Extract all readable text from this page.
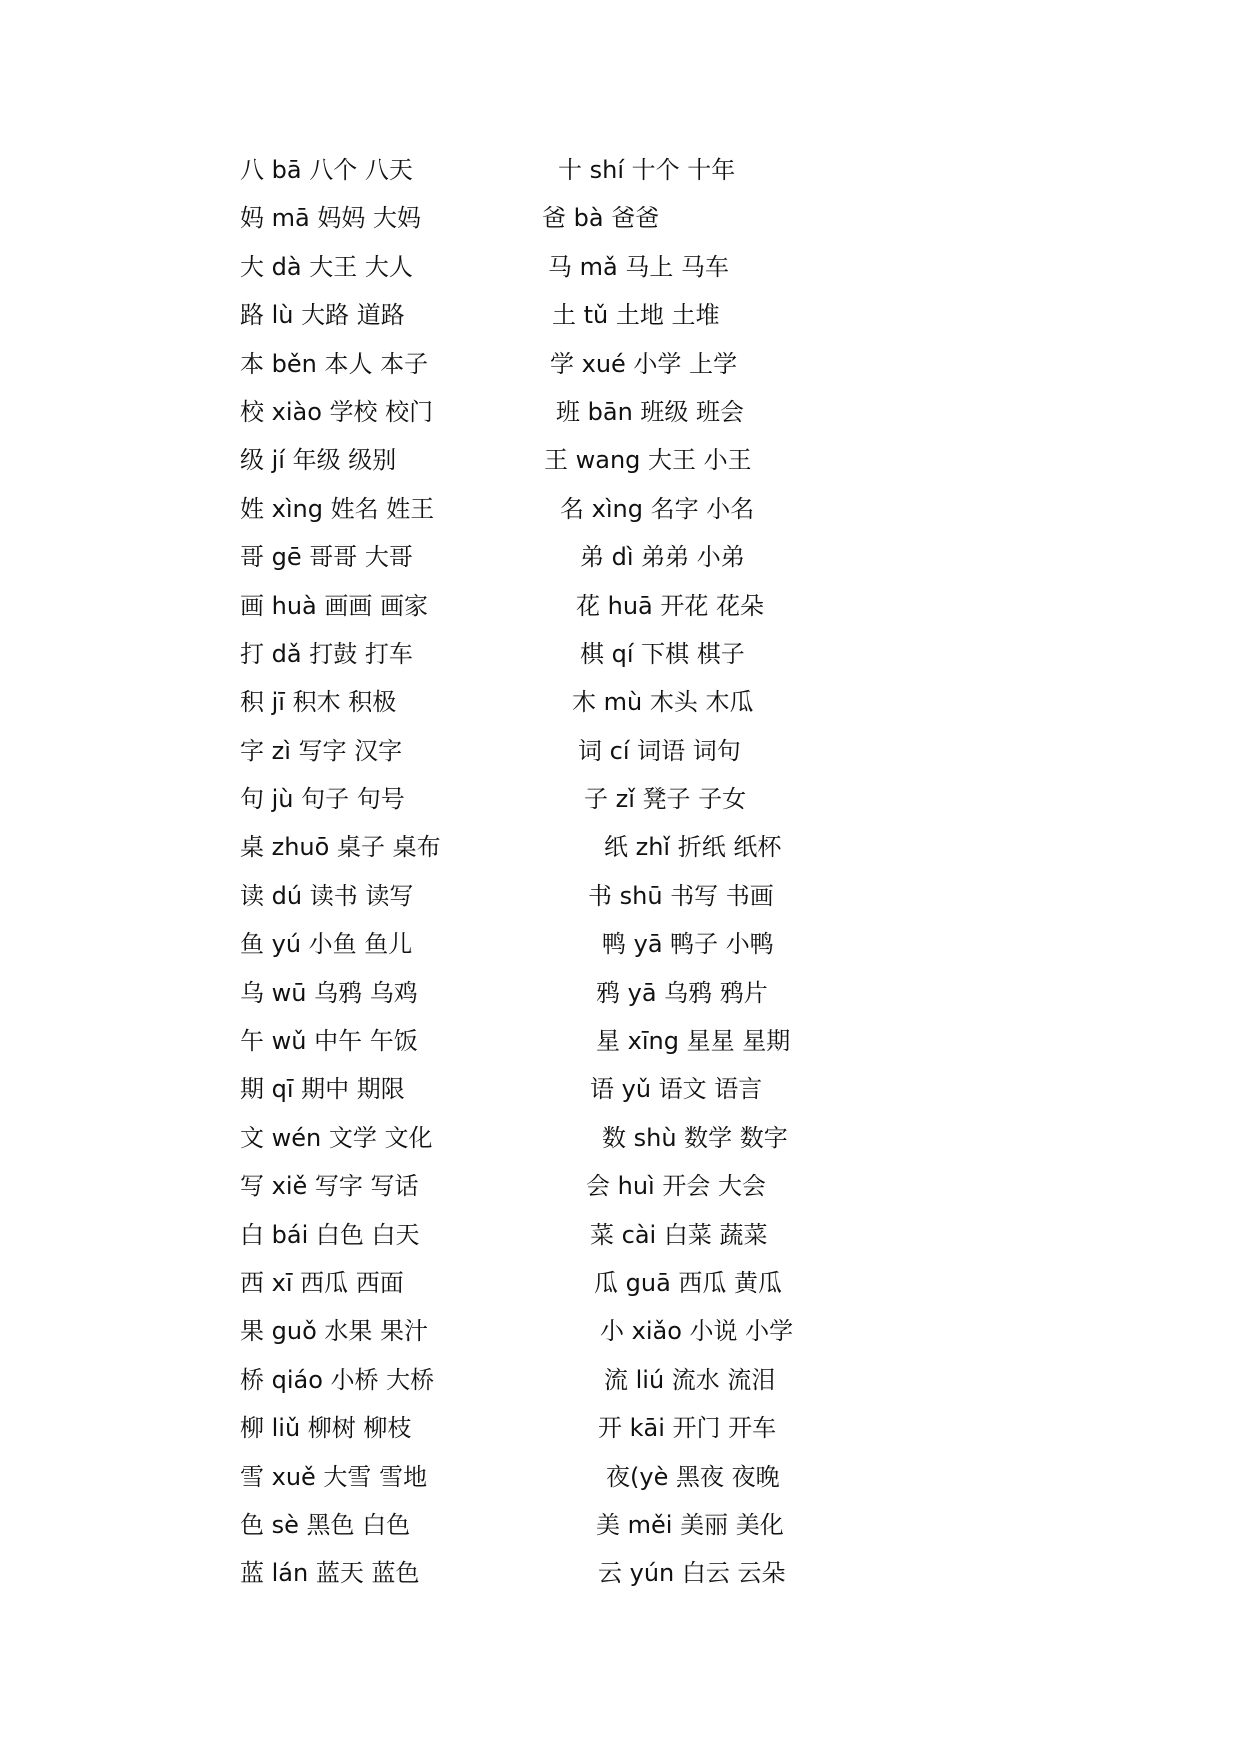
八 bā 八个 八天	十 shí 十个 十年
妈 mā 妈妈 大妈	爸 bà 爸爸
大 dà 大王 大人	马 mǎ 马上 马车
路 lù 大路 道路	土 tǔ 土地 土堆
本 běn 本人 本子	学 xué 小学 上学
校 xiào 学校 校门	班 bān 班级 班会
级 jí 年级 级别	王 wang 大王 小王
姓 xìng 姓名 姓王	名 xìng 名字 小名
哥 gē 哥哥 大哥	弟 dì 弟弟 小弟
画 huà 画画 画家	花 huā 开花 花朵
打 dǎ 打鼓 打车	棋 qí 下棋 棋子
积 jī 积木 积极	木 mù 木头 木瓜
字 zì 写字 汉字	词 cí 词语 词句
句 jù 句子 句号	子 zǐ 凳子 子女
桌 zhuō 桌子 桌布	纸 zhǐ 折纸 纸杯
读 dú 读书 读写	书 shū 书写 书画
鱼 yú 小鱼 鱼儿	鸭 yā 鸭子 小鸭
乌 wū 乌鸦 乌鸡	鸦 yā 乌鸦 鸦片
午 wǔ 中午 午饭	星 xīng 星星 星期
期 qī 期中 期限	语 yǔ 语文 语言
文 wén 文学 文化	数 shù 数学 数字
写 xiě 写字 写话	会 huì 开会 大会
白 bái 白色 白天	菜 cài 白菜 蔬菜
西 xī 西瓜 西面	瓜 guā 西瓜 黄瓜
果 guǒ 水果 果汁	小 xiǎo 小说 小学
桥 qiáo 小桥 大桥	流 liú 流水 流泪
柳 liǔ 柳树 柳枝	开 kāi 开门 开车
雪 xuě 大雪 雪地	夜(yè 黑夜 夜晚
色 sè 黑色 白色	美 měi 美丽 美化
蓝 lán 蓝天 蓝色	云 yún 白云 云朵
